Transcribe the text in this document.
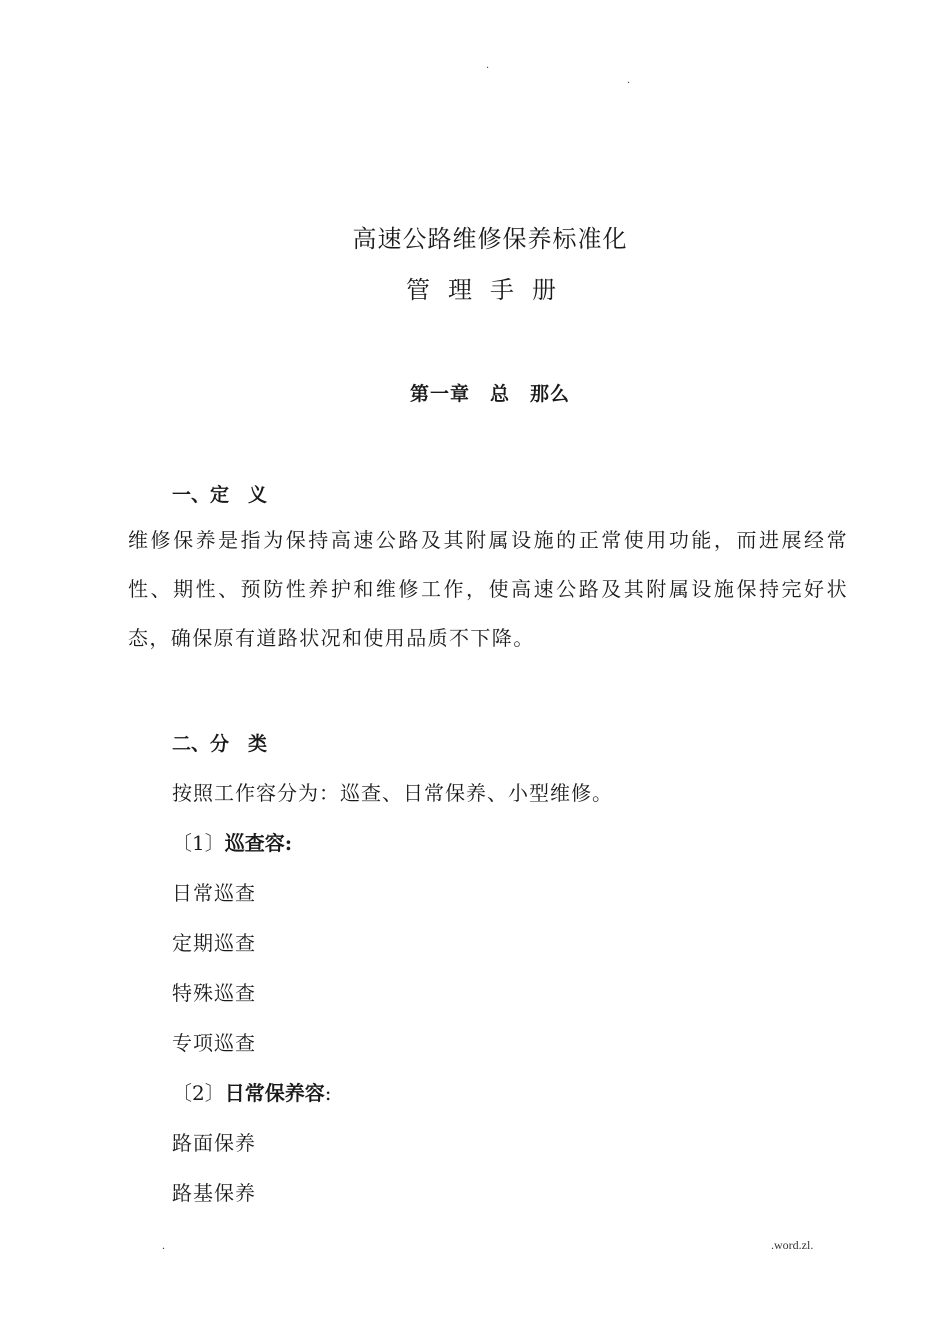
.
.
高速公路维修保养标准化
管理手册
第一章　总　那么
一、定　义
维修保养是指为保持高速公路及其附属设施的正常使用功能，而进展经常性、期性、预防性养护和维修工作，使高速公路及其附属设施保持完好状态，确保原有道路状况和使用品质不下降。
二、分　类
按照工作容分为：巡查、日常保养、小型维修。
〔1〕巡查容:
日常巡查
定期巡查
特殊巡查
专项巡查
〔2〕日常保养容:
路面保养
路基保养
.	.word.zl.
